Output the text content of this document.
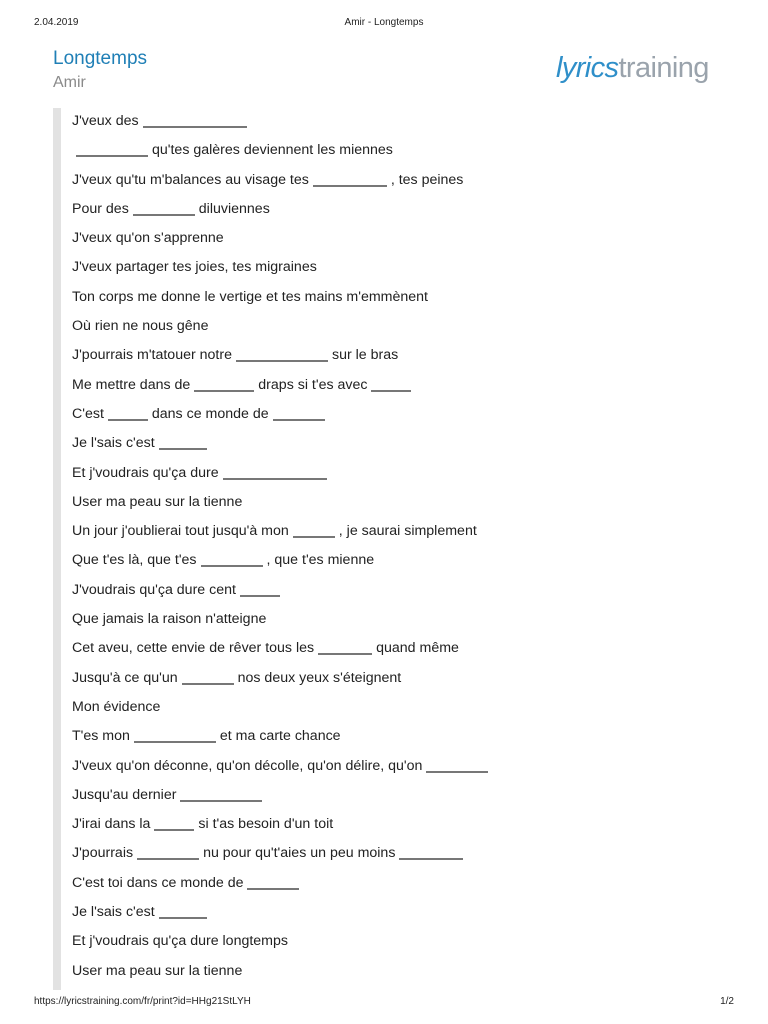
2.04.2019	Amir - Longtemps
Longtemps
Amir	lyricstraining
J'veux des
qu'tes galères deviennent les miennes
J'veux qu'tu m'balances au visage tes	, tes peines
Pour des	diluviennes
J'veux qu'on s'apprenne
J'veux partager tes joies, tes migraines
Ton corps me donne le vertige et tes mains m'emmènent
Où rien ne nous gêne
J'pourrais m'tatouer notre	sur le bras
Me mettre dans de	draps si t'es avec
C'est	dans ce monde de
Je l'sais c'est
Et j'voudrais qu'ça dure
User ma peau sur la tienne
Un jour j'oublierai tout jusqu'à mon	, je saurai simplement
Que t'es là, que t'es	, que t'es mienne
J'voudrais qu'ça dure cent
Que jamais la raison n'atteigne
Cet aveu, cette envie de rêver tous les	quand même
Jusqu'à ce qu'un	nos deux yeux s'éteignent
Mon évidence
T'es mon	et ma carte chance
J'veux qu'on déconne, qu'on décolle, qu'on délire, qu'on
Jusqu'au dernier
J'irai dans la	si t'as besoin d'un toit
J'pourrais	nu pour qu't'aies un peu moins
C'est toi dans ce monde de
Je l'sais c'est
Et j'voudrais qu'ça dure longtemps
User ma peau sur la tienne
https://lyricstraining.com/fr/print?id=HHg21StLYH	1/2
